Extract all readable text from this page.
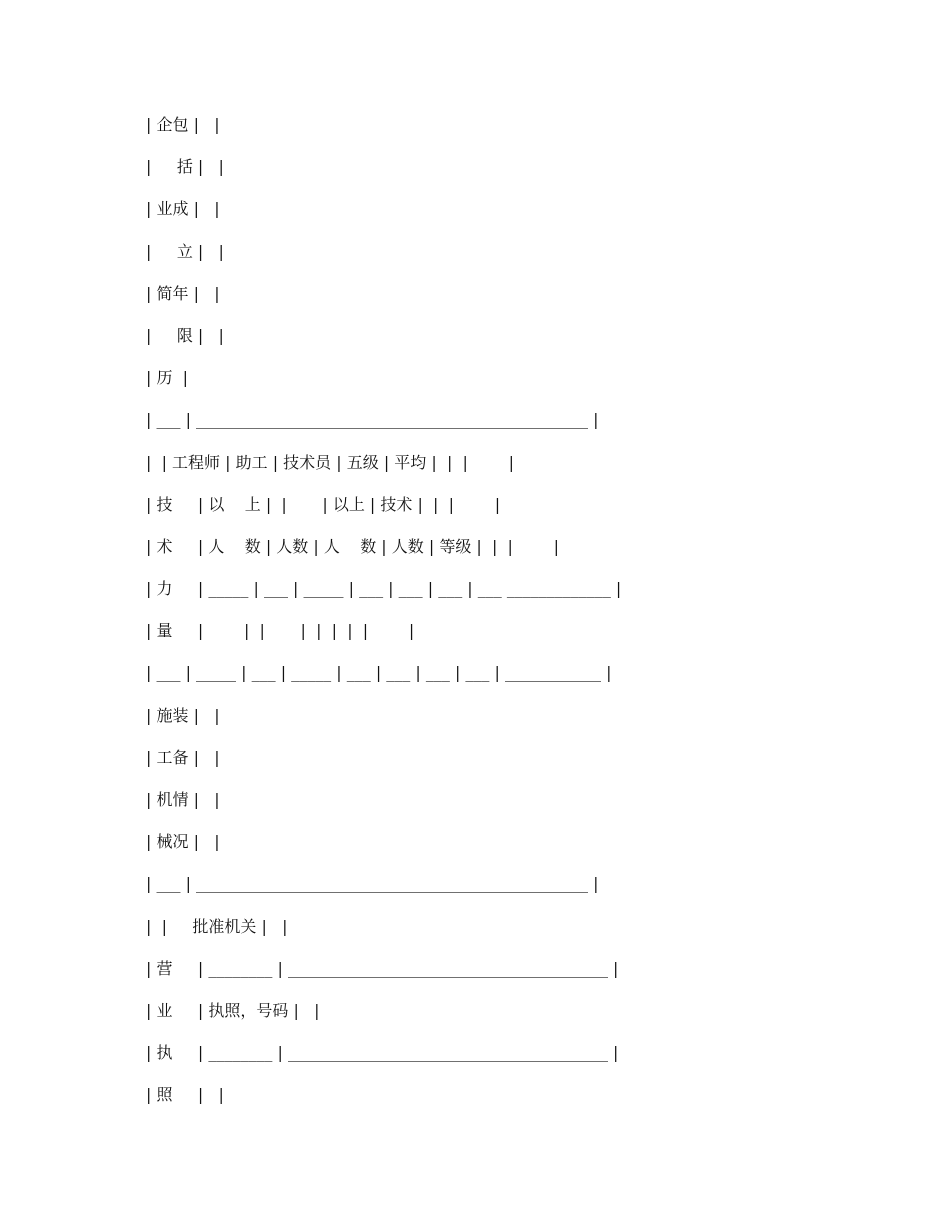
| 企包 |   |
|     括 |   |
| 业成 |   |
|     立 |   |
| 简年 |   |
|     限 |   |
| 历  |
| ___ | _________________________________________________ |
|  | 工程师 | 助工 | 技术员 | 五级 | 平均 |  |  |        |
| 技     | 以    上 |  |       | 以上 | 技术 |  |  |        |
| 术     | 人    数 | 人数 | 人    数 | 人数 | 等级 |  |  |        |
| 力     | _____ | ___ | _____ | ___ | ___ | ___ | ___ _____________ |
| 量     |        |  |       |  |  |  |  |        |
| ___ | _____ | ___ | _____ | ___ | ___ | ___ | ___ | ____________ |
| 施装 |   |
| 工备 |   |
| 机情 |   |
| 械况 |   |
| ___ | _________________________________________________ |
|  |     批准机关 |   |
| 营     | ________ | ________________________________________ |
| 业     | 执照，号码 |   |
| 执     | ________ | ________________________________________ |
| 照     |   |
